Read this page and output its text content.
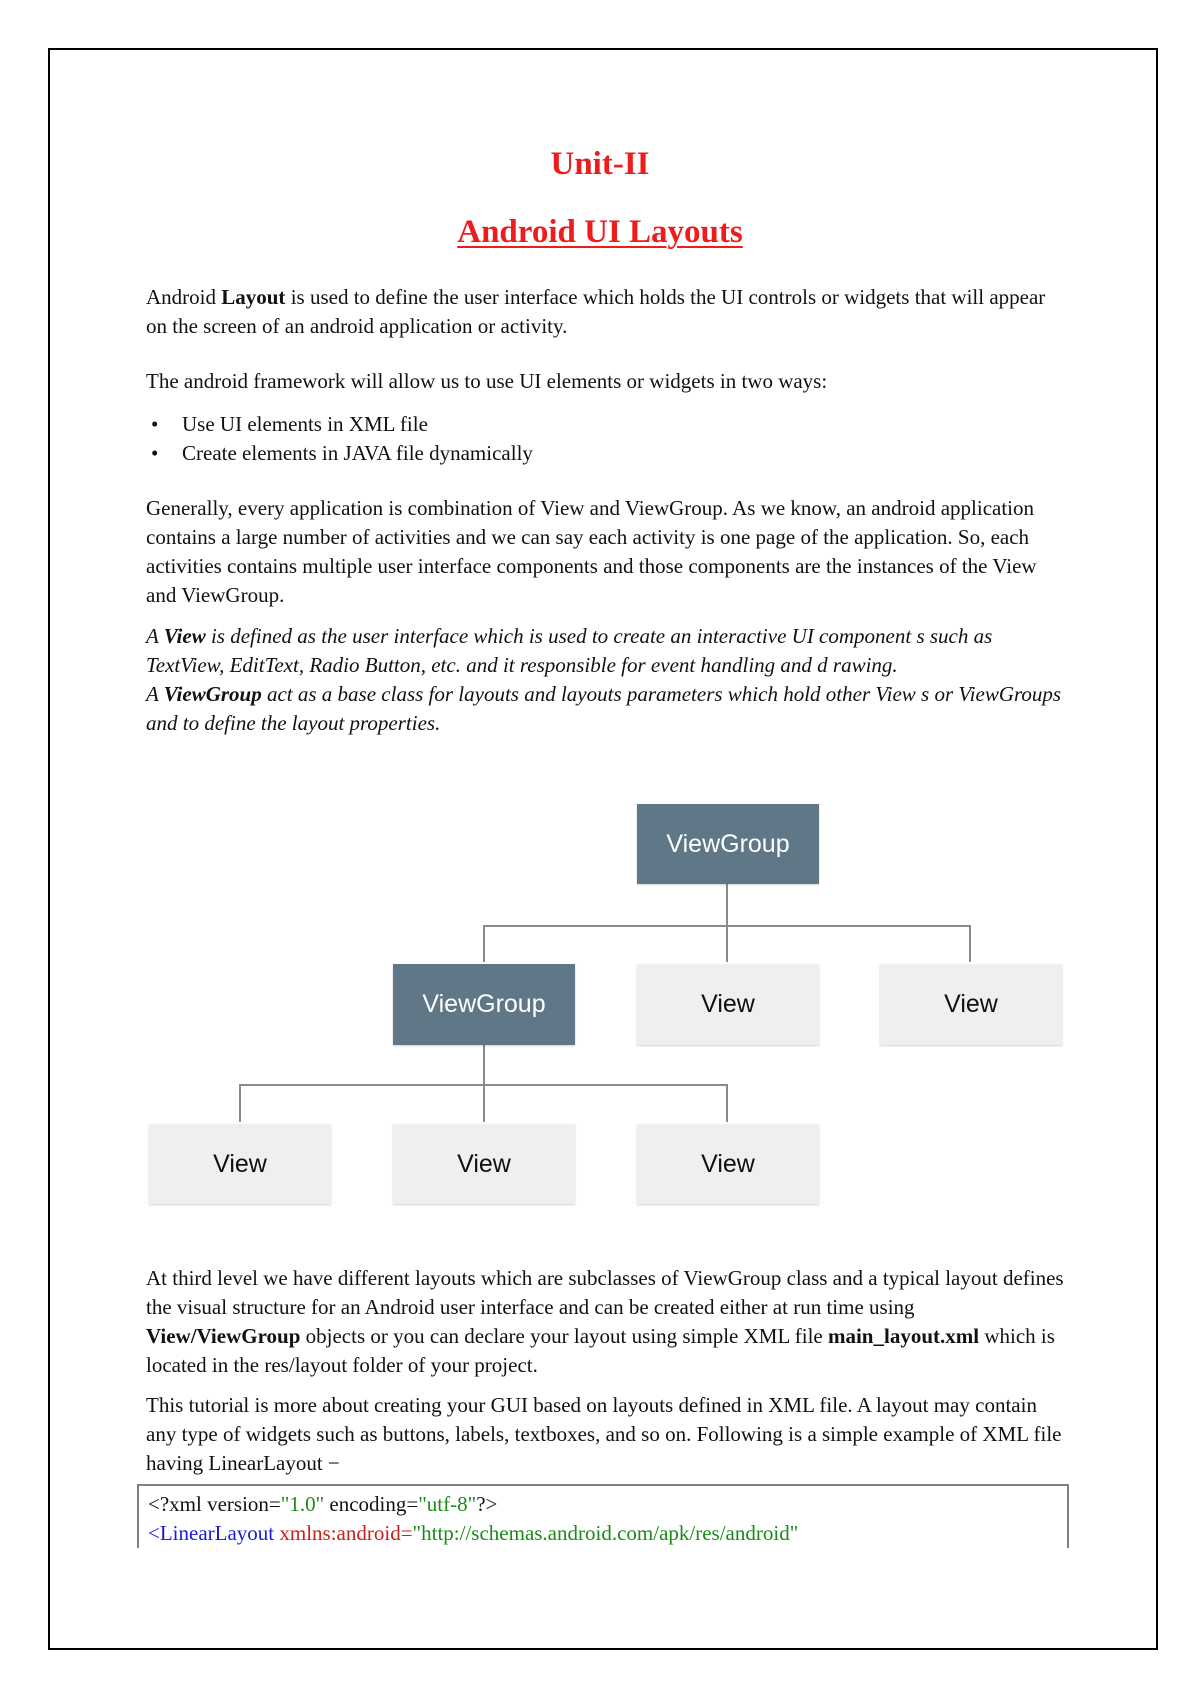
Unit-II
Android UI Layouts

Android Layout is used to define the user interface which holds the UI controls or widgets that will appear on the screen of an android application or activity.

The android framework will allow us to use UI elements or widgets in two ways:

• Use UI elements in XML file
• Create elements in JAVA file dynamically

Generally, every application is combination of View and ViewGroup. As we know, an android application contains a large number of activities and we can say each activity is one page of the application. So, each activities contains multiple user interface components and those components are the instances of the View and ViewGroup.

A View is defined as the user interface which is used to create an interactive UI component s such as TextView, EditText, Radio Button, etc. and it responsible for event handling and d rawing.

A ViewGroup act as a base class for layouts and layouts parameters which hold other View s or ViewGroups and to define the layout properties.

ViewGroup
ViewGroup	View	View
View	View	View

At third level we have different layouts which are subclasses of ViewGroup class and a typical layout defines the visual structure for an Android user interface and can be created either at run time using View/ViewGroup objects or you can declare your layout using simple XML file main_layout.xml which is located in the res/layout folder of your project.

This tutorial is more about creating your GUI based on layouts defined in XML file. A layout may contain any type of widgets such as buttons, labels, textboxes, and so on. Following is a simple example of XML file having LinearLayout −

<?xml version="1.0" encoding="utf-8"?>
<LinearLayout xmlns:android="http://schemas.android.com/apk/res/android"
